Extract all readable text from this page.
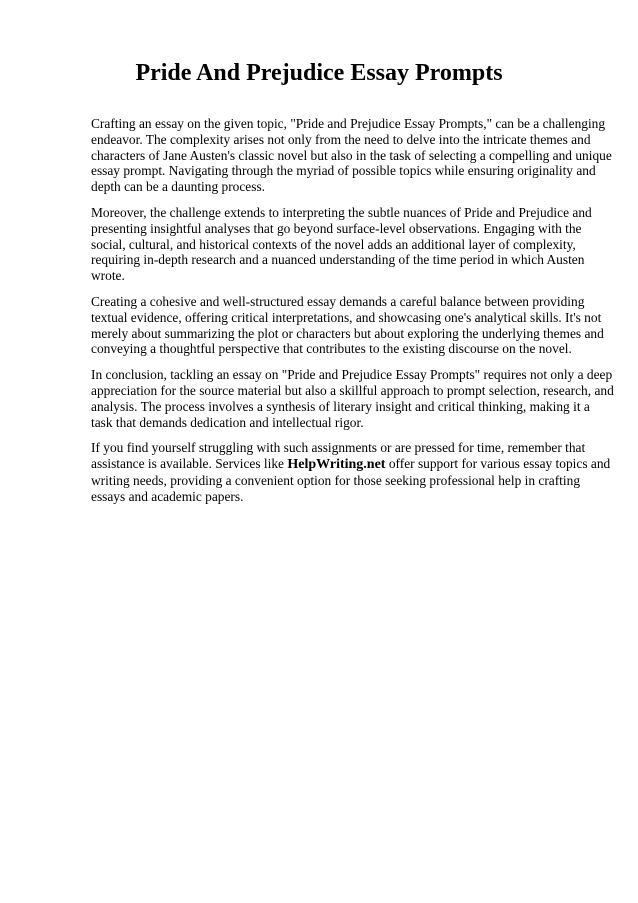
Pride And Prejudice Essay Prompts

Crafting an essay on the given topic, "Pride and Prejudice Essay Prompts," can be a challenging
endeavor. The complexity arises not only from the need to delve into the intricate themes and
characters of Jane Austen's classic novel but also in the task of selecting a compelling and unique
essay prompt. Navigating through the myriad of possible topics while ensuring originality and
depth can be a daunting process.

Moreover, the challenge extends to interpreting the subtle nuances of Pride and Prejudice and
presenting insightful analyses that go beyond surface-level observations. Engaging with the
social, cultural, and historical contexts of the novel adds an additional layer of complexity,
requiring in-depth research and a nuanced understanding of the time period in which Austen
wrote.

Creating a cohesive and well-structured essay demands a careful balance between providing
textual evidence, offering critical interpretations, and showcasing one's analytical skills. It's not
merely about summarizing the plot or characters but about exploring the underlying themes and
conveying a thoughtful perspective that contributes to the existing discourse on the novel.

In conclusion, tackling an essay on "Pride and Prejudice Essay Prompts" requires not only a deep
appreciation for the source material but also a skillful approach to prompt selection, research, and
analysis. The process involves a synthesis of literary insight and critical thinking, making it a
task that demands dedication and intellectual rigor.

If you find yourself struggling with such assignments or are pressed for time, remember that
assistance is available. Services like HelpWriting.net offer support for various essay topics and
writing needs, providing a convenient option for those seeking professional help in crafting
essays and academic papers.
